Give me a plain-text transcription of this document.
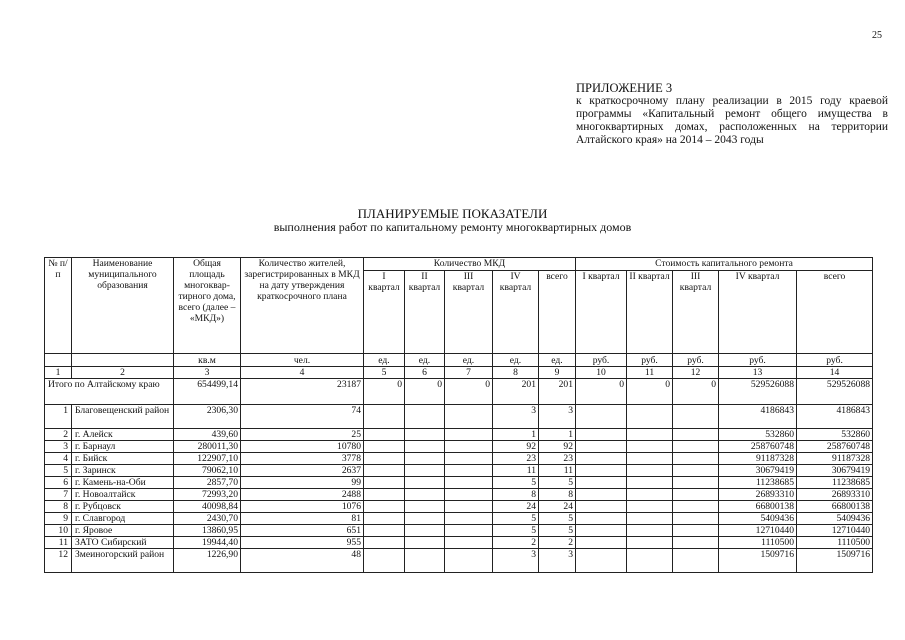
25
ПРИЛОЖЕНИЕ 3
к краткосрочному плану реализации в 2015 году краевой программы «Капитальный ремонт общего имущества в многоквартирных домах, расположенных на территории Алтайского края» на 2014 – 2043 годы
ПЛАНИРУЕМЫЕ ПОКАЗАТЕЛИ
выполнения работ по капитальному ремонту многоквартирных домов
№ п/п	Наименование муниципального образования	Общая площадь многоквар-тирного дома, всего (далее – «МКД»)	Количество жителей, зарегистрированных в МКД на дату утверждения краткосрочного плана	Количество МКД					Стоимость капитального ремонта				
				I квартал	II квартал	III квартал	IV квартал	всего	I квартал	II квартал	III квартал	IV квартал	всего
		кв.м	чел.	ед.	ед.	ед.	ед.	ед.	руб.	руб.	руб.	руб.	руб.
1	2	3	4	5	6	7	8	9	10	11	12	13	14
Итого по Алтайскому краю		654499,14	23187	0	0	0	201	201	0	0	0	529526088	529526088
1	Благовещенский район	2306,30	74				3	3				4186843	4186843
2	г. Алейск	439,60	25				1	1				532860	532860
3	г. Барнаул	280011,30	10780				92	92				258760748	258760748
4	г. Бийск	122907,10	3778				23	23				91187328	91187328
5	г. Заринск	79062,10	2637				11	11				30679419	30679419
6	г. Камень-на-Оби	2857,70	99				5	5				11238685	11238685
7	г. Новоалтайск	72993,20	2488				8	8				26893310	26893310
8	г. Рубцовск	40098,84	1076				24	24				66800138	66800138
9	г. Славгород	2430,70	81				5	5				5409436	5409436
10	г. Яровое	13860,95	651				5	5				12710440	12710440
11	ЗАТО Сибирский	19944,40	955				2	2				1110500	1110500
12	Змеиногорский район	1226,90	48				3	3				1509716	1509716
